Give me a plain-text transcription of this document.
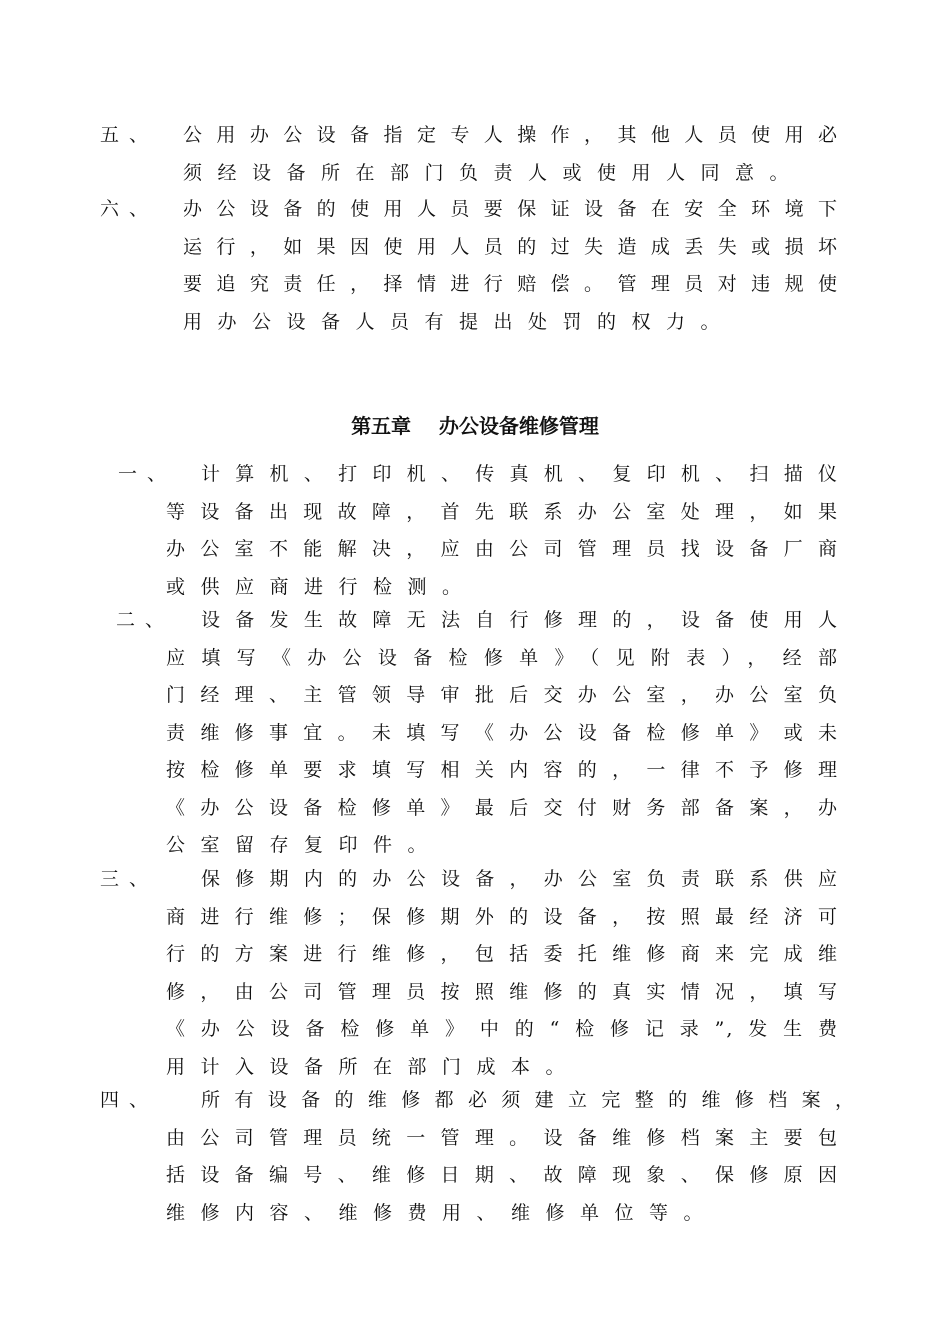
五、 公用办公设备指定专人操作，其他人员使用必
须经设备所在部门负责人或使用人同意。
六、 办公设备的使用人员要保证设备在安全环境下
运行，如果因使用人员的过失造成丢失或损坏
要追究责任，择情进行赔偿。管理员对违规使
用办公设备人员有提出处罚的权力。
第五章    办公设备维修管理
一、 计算机、打印机、传真机、复印机、扫描仪
等设备出现故障，首先联系办公室处理，如果
办公室不能解决，应由公司管理员找设备厂商
或供应商进行检测。
二、 设备发生故障无法自行修理的，设备使用人
应填写《办公设备检修单》（见附表），经部
门经理、主管领导审批后交办公室，办公室负
责维修事宜。未填写《办公设备检修单》或未
按检修单要求填写相关内容的，一律不予修理
《办公设备检修单》最后交付财务部备案，办
公室留存复印件。
三、 保修期内的办公设备，办公室负责联系供应
商进行维修；保修期外的设备，按照最经济可
行的方案进行维修，包括委托维修商来完成维
修，由公司管理员按照维修的真实情况，填写
《办公设备检修单》中的“检修记录”,发生费
用计入设备所在部门成本。
四、 所有设备的维修都必须建立完整的维修档案，
由公司管理员统一管理。设备维修档案主要包
括设备编号、维修日期、故障现象、保修原因
维修内容、维修费用、维修单位等。
